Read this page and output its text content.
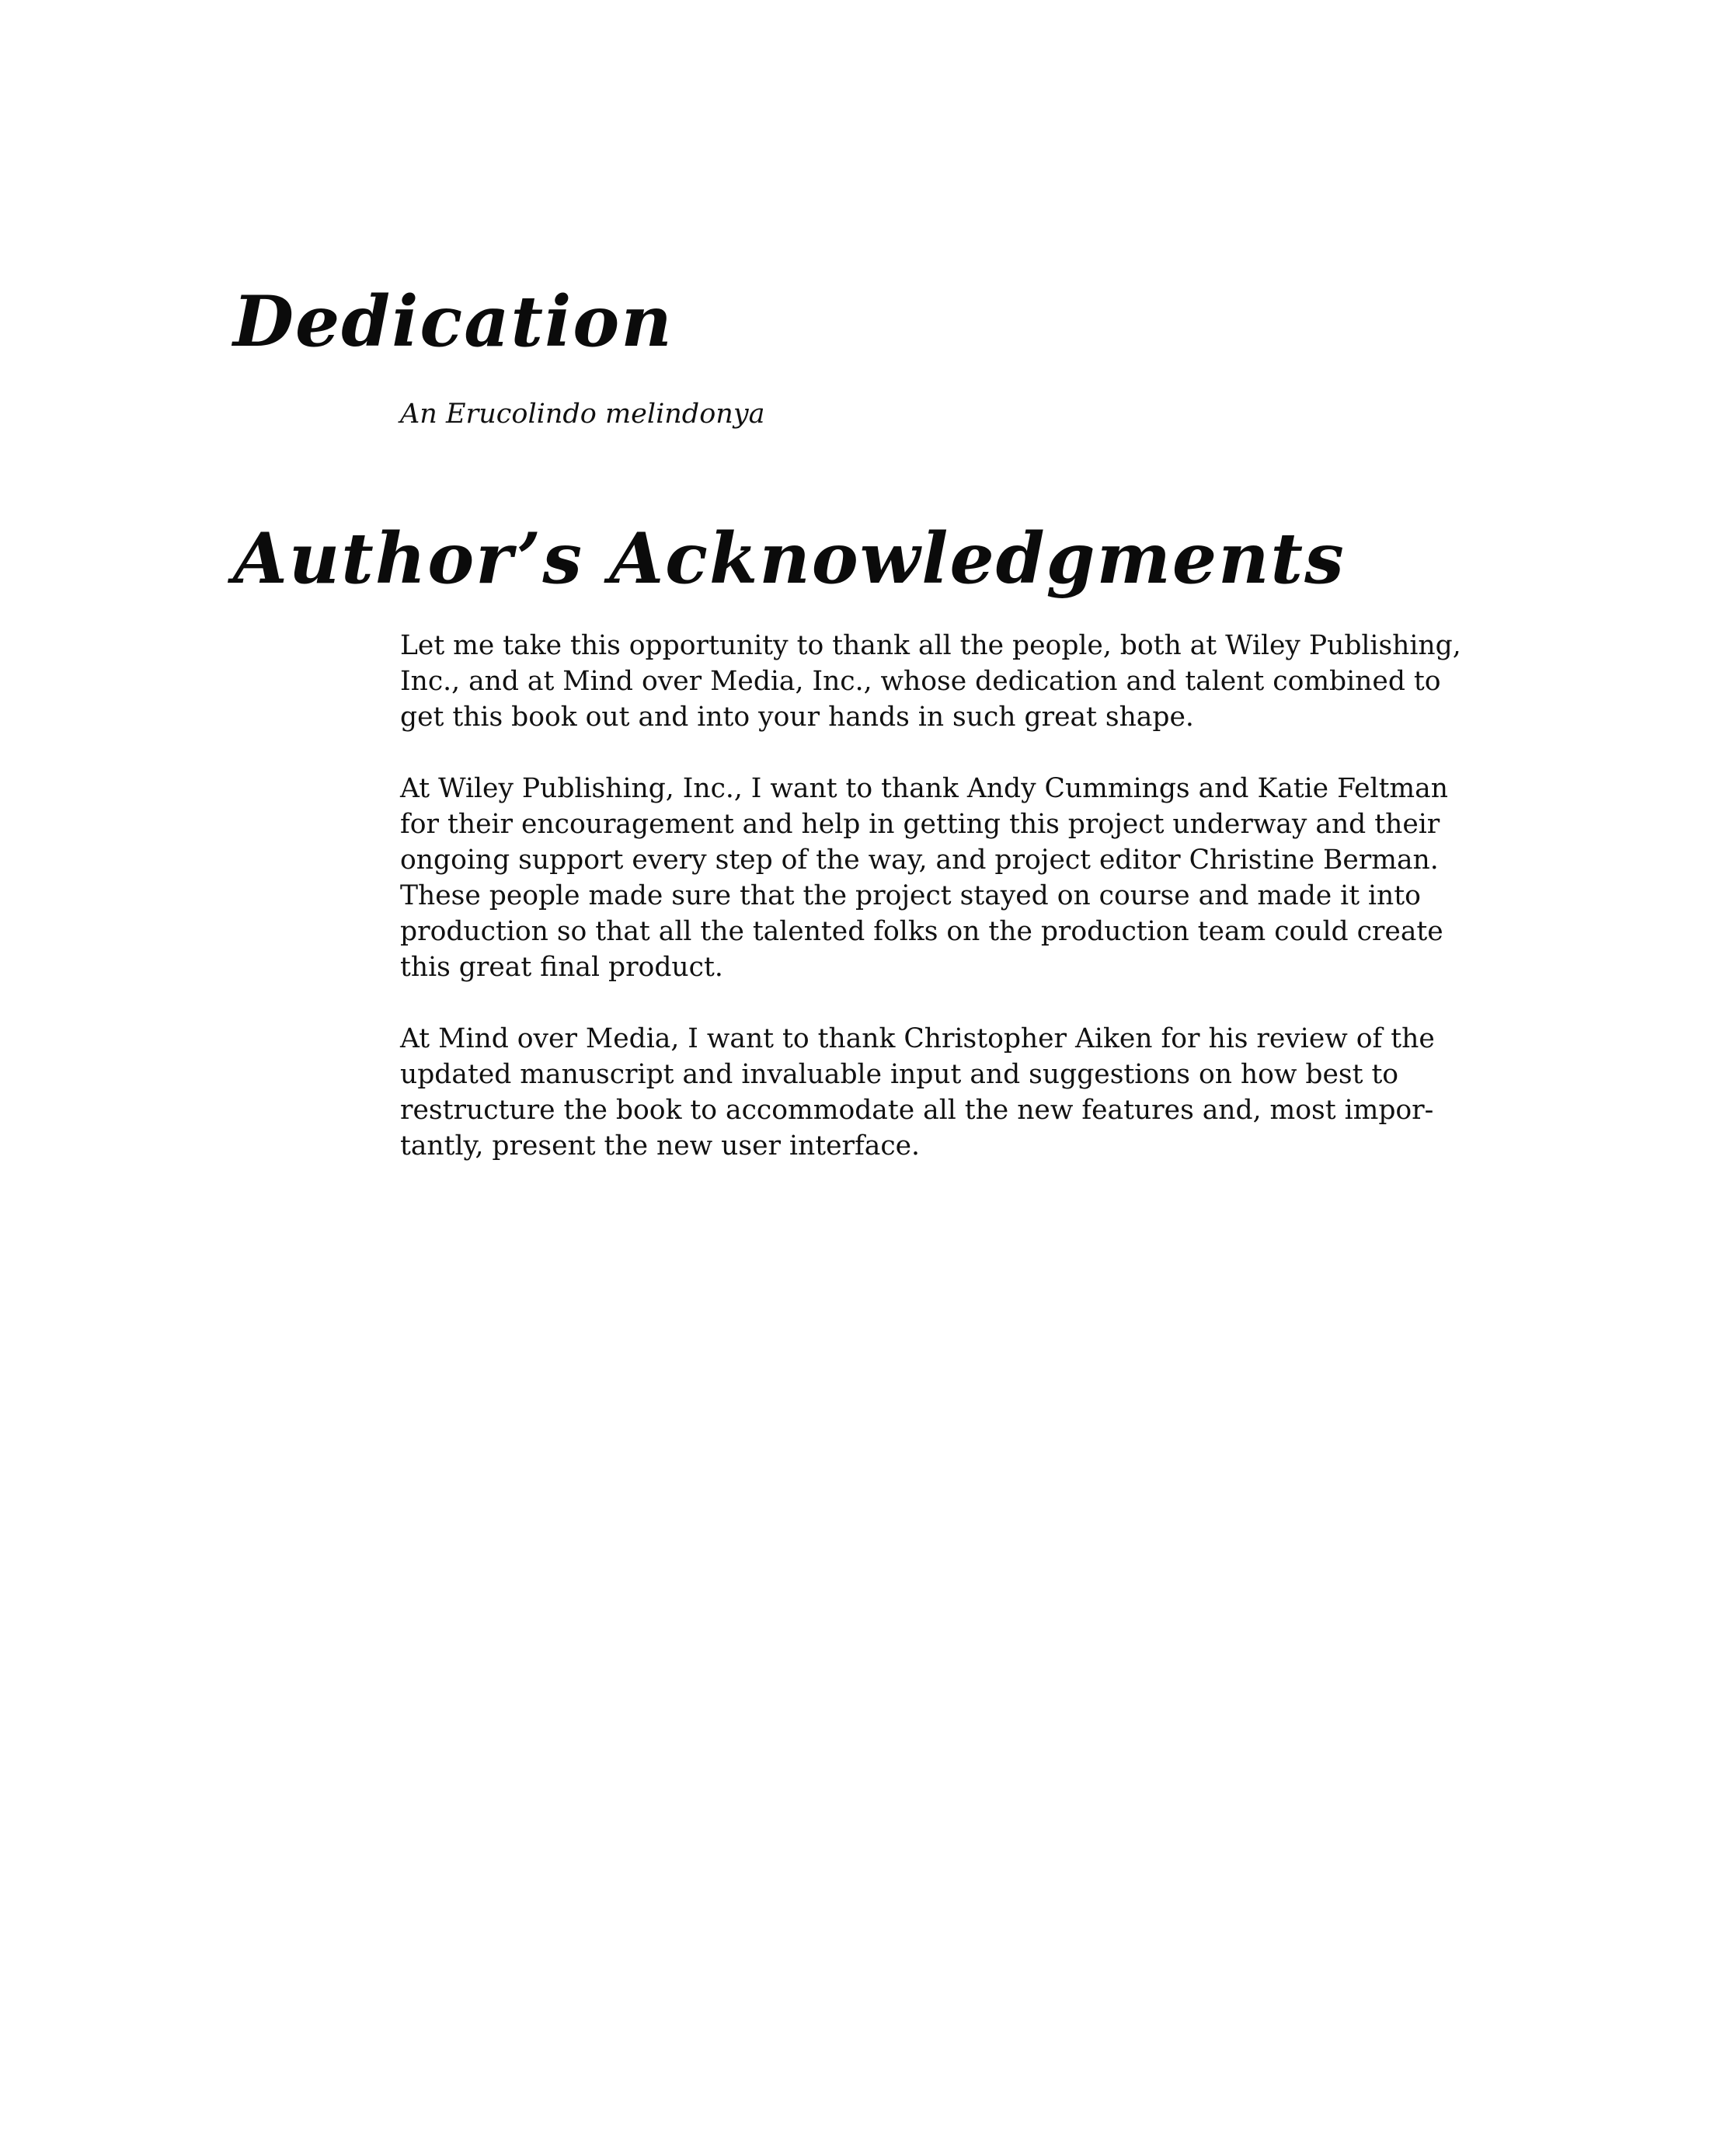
Dedication

An Erucolindo melindonya

Author’s Acknowledgments

Let me take this opportunity to thank all the people, both at Wiley Publishing,
Inc., and at Mind over Media, Inc., whose dedication and talent combined to
get this book out and into your hands in such great shape.

At Wiley Publishing, Inc., I want to thank Andy Cummings and Katie Feltman
for their encouragement and help in getting this project underway and their
ongoing support every step of the way, and project editor Christine Berman.
These people made sure that the project stayed on course and made it into
production so that all the talented folks on the production team could create
this great final product.

At Mind over Media, I want to thank Christopher Aiken for his review of the
updated manuscript and invaluable input and suggestions on how best to
restructure the book to accommodate all the new features and, most impor-
tantly, present the new user interface.
